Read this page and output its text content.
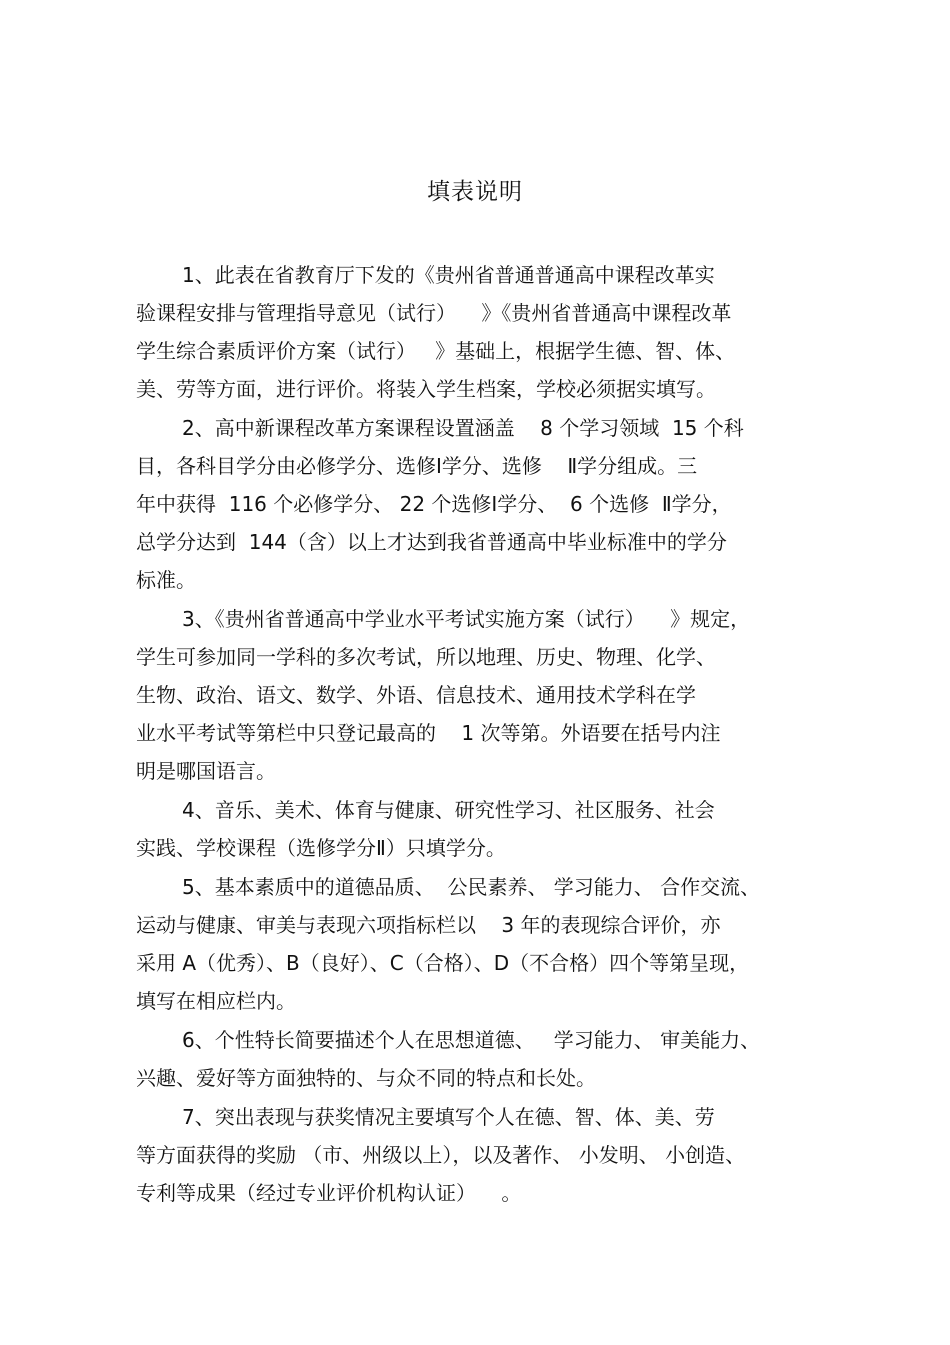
填表说明
1、此表在省教育厅下发的《贵州省普通普通高中课程改革实
验课程安排与管理指导意见（试行）    》《贵州省普通高中课程改革
学生综合素质评价方案（试行）   》基础上，根据学生德、智、体、
美、劳等方面，进行评价。将装入学生档案，学校必须据实填写。
2、高中新课程改革方案课程设置涵盖    8 个学习领域  15 个科
目，各科目学分由必修学分、选修Ⅰ学分、选修    Ⅱ学分组成。三
年中获得  116 个必修学分、 22 个选修Ⅰ学分、  6 个选修  Ⅱ学分，
总学分达到  144（含）以上才达到我省普通高中毕业标准中的学分
标准。
3、《贵州省普通高中学业水平考试实施方案（试行）    》规定，
学生可参加同一学科的多次考试，所以地理、历史、物理、化学、
生物、政治、语文、数学、外语、信息技术、通用技术学科在学
业水平考试等第栏中只登记最高的    1 次等第。外语要在括号内注
明是哪国语言。
4、音乐、美术、体育与健康、研究性学习、社区服务、社会
实践、学校课程（选修学分Ⅱ）只填学分。
5、基本素质中的道德品质、  公民素养、 学习能力、 合作交流、
运动与健康、审美与表现六项指标栏以    3 年的表现综合评价，亦
采用 A（优秀）、B（良好）、C（合格）、D（不合格）四个等第呈现，
填写在相应栏内。
6、个性特长简要描述个人在思想道德、   学习能力、 审美能力、
兴趣、爱好等方面独特的、与众不同的特点和长处。
7、突出表现与获奖情况主要填写个人在德、智、体、美、劳
等方面获得的奖励 （市、州级以上），以及著作、 小发明、 小创造、
专利等成果（经过专业评价机构认证）    。
